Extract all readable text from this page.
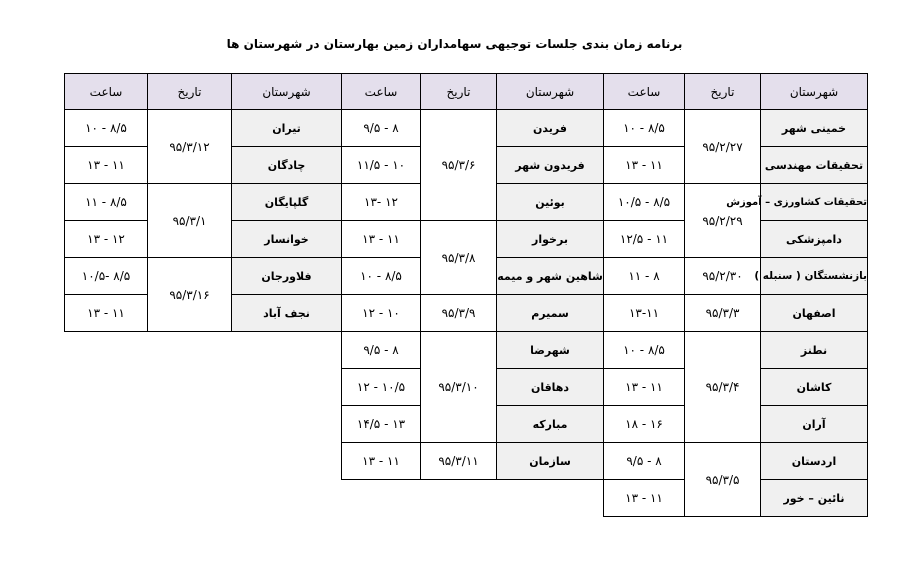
برنامه زمان بندی جلسات توجیهی سهامداران زمین بهارستان در شهرستان ها
شهرستان	تاریخ	ساعت
خمینی شهر	۹۵/۲/۲۷	۱۰ - ۸/۵
تحقیقات مهندسی		۱۳ - ۱۱
تحقیقات کشاورزی – آموزش	۹۵/۲/۲۹	۱۰/۵ - ۸/۵
دامپزشکی		۱۲/۵ - ۱۱
بازنشستگان ( سنبله )	۹۵/۲/۳۰	۱۱ - ۸
اصفهان	۹۵/۳/۳	۱۳-۱۱
نطنز	۹۵/۳/۴	۱۰ - ۸/۵
کاشان		۱۳ - ۱۱
آران		۱۸ - ۱۶
اردستان	۹۵/۳/۵	۹/۵ - ۸
نائین – خور		۱۳ - ۱۱
شهرستان	تاریخ	ساعت
فریدن	۹۵/۳/۶	۹/۵ - ۸
فریدون شهر		۱۱/۵ - ۱۰
بوئین		۱۳- ۱۲
برخوار	۹۵/۳/۸	۱۳ - ۱۱
شاهین شهر و میمه		۱۰ - ۸/۵
سمیرم	۹۵/۳/۹	۱۲ - ۱۰
شهرضا	۹۵/۳/۱۰	۹/۵ - ۸
دهاقان		۱۲ - ۱۰/۵
مبارکه		۱۴/۵ - ۱۳
سازمان	۹۵/۳/۱۱	۱۳ - ۱۱
شهرستان	تاریخ	ساعت
تیران	۹۵/۳/۱۲	۱۰ - ۸/۵
چادگان		۱۳ - ۱۱
گلپایگان	۹۵/۳/۱	۱۱ - ۸/۵
خوانسار		۱۳ - ۱۲
فلاورجان	۹۵/۳/۱۶	۱۰/۵- ۸/۵
نجف آباد		۱۳ - ۱۱
